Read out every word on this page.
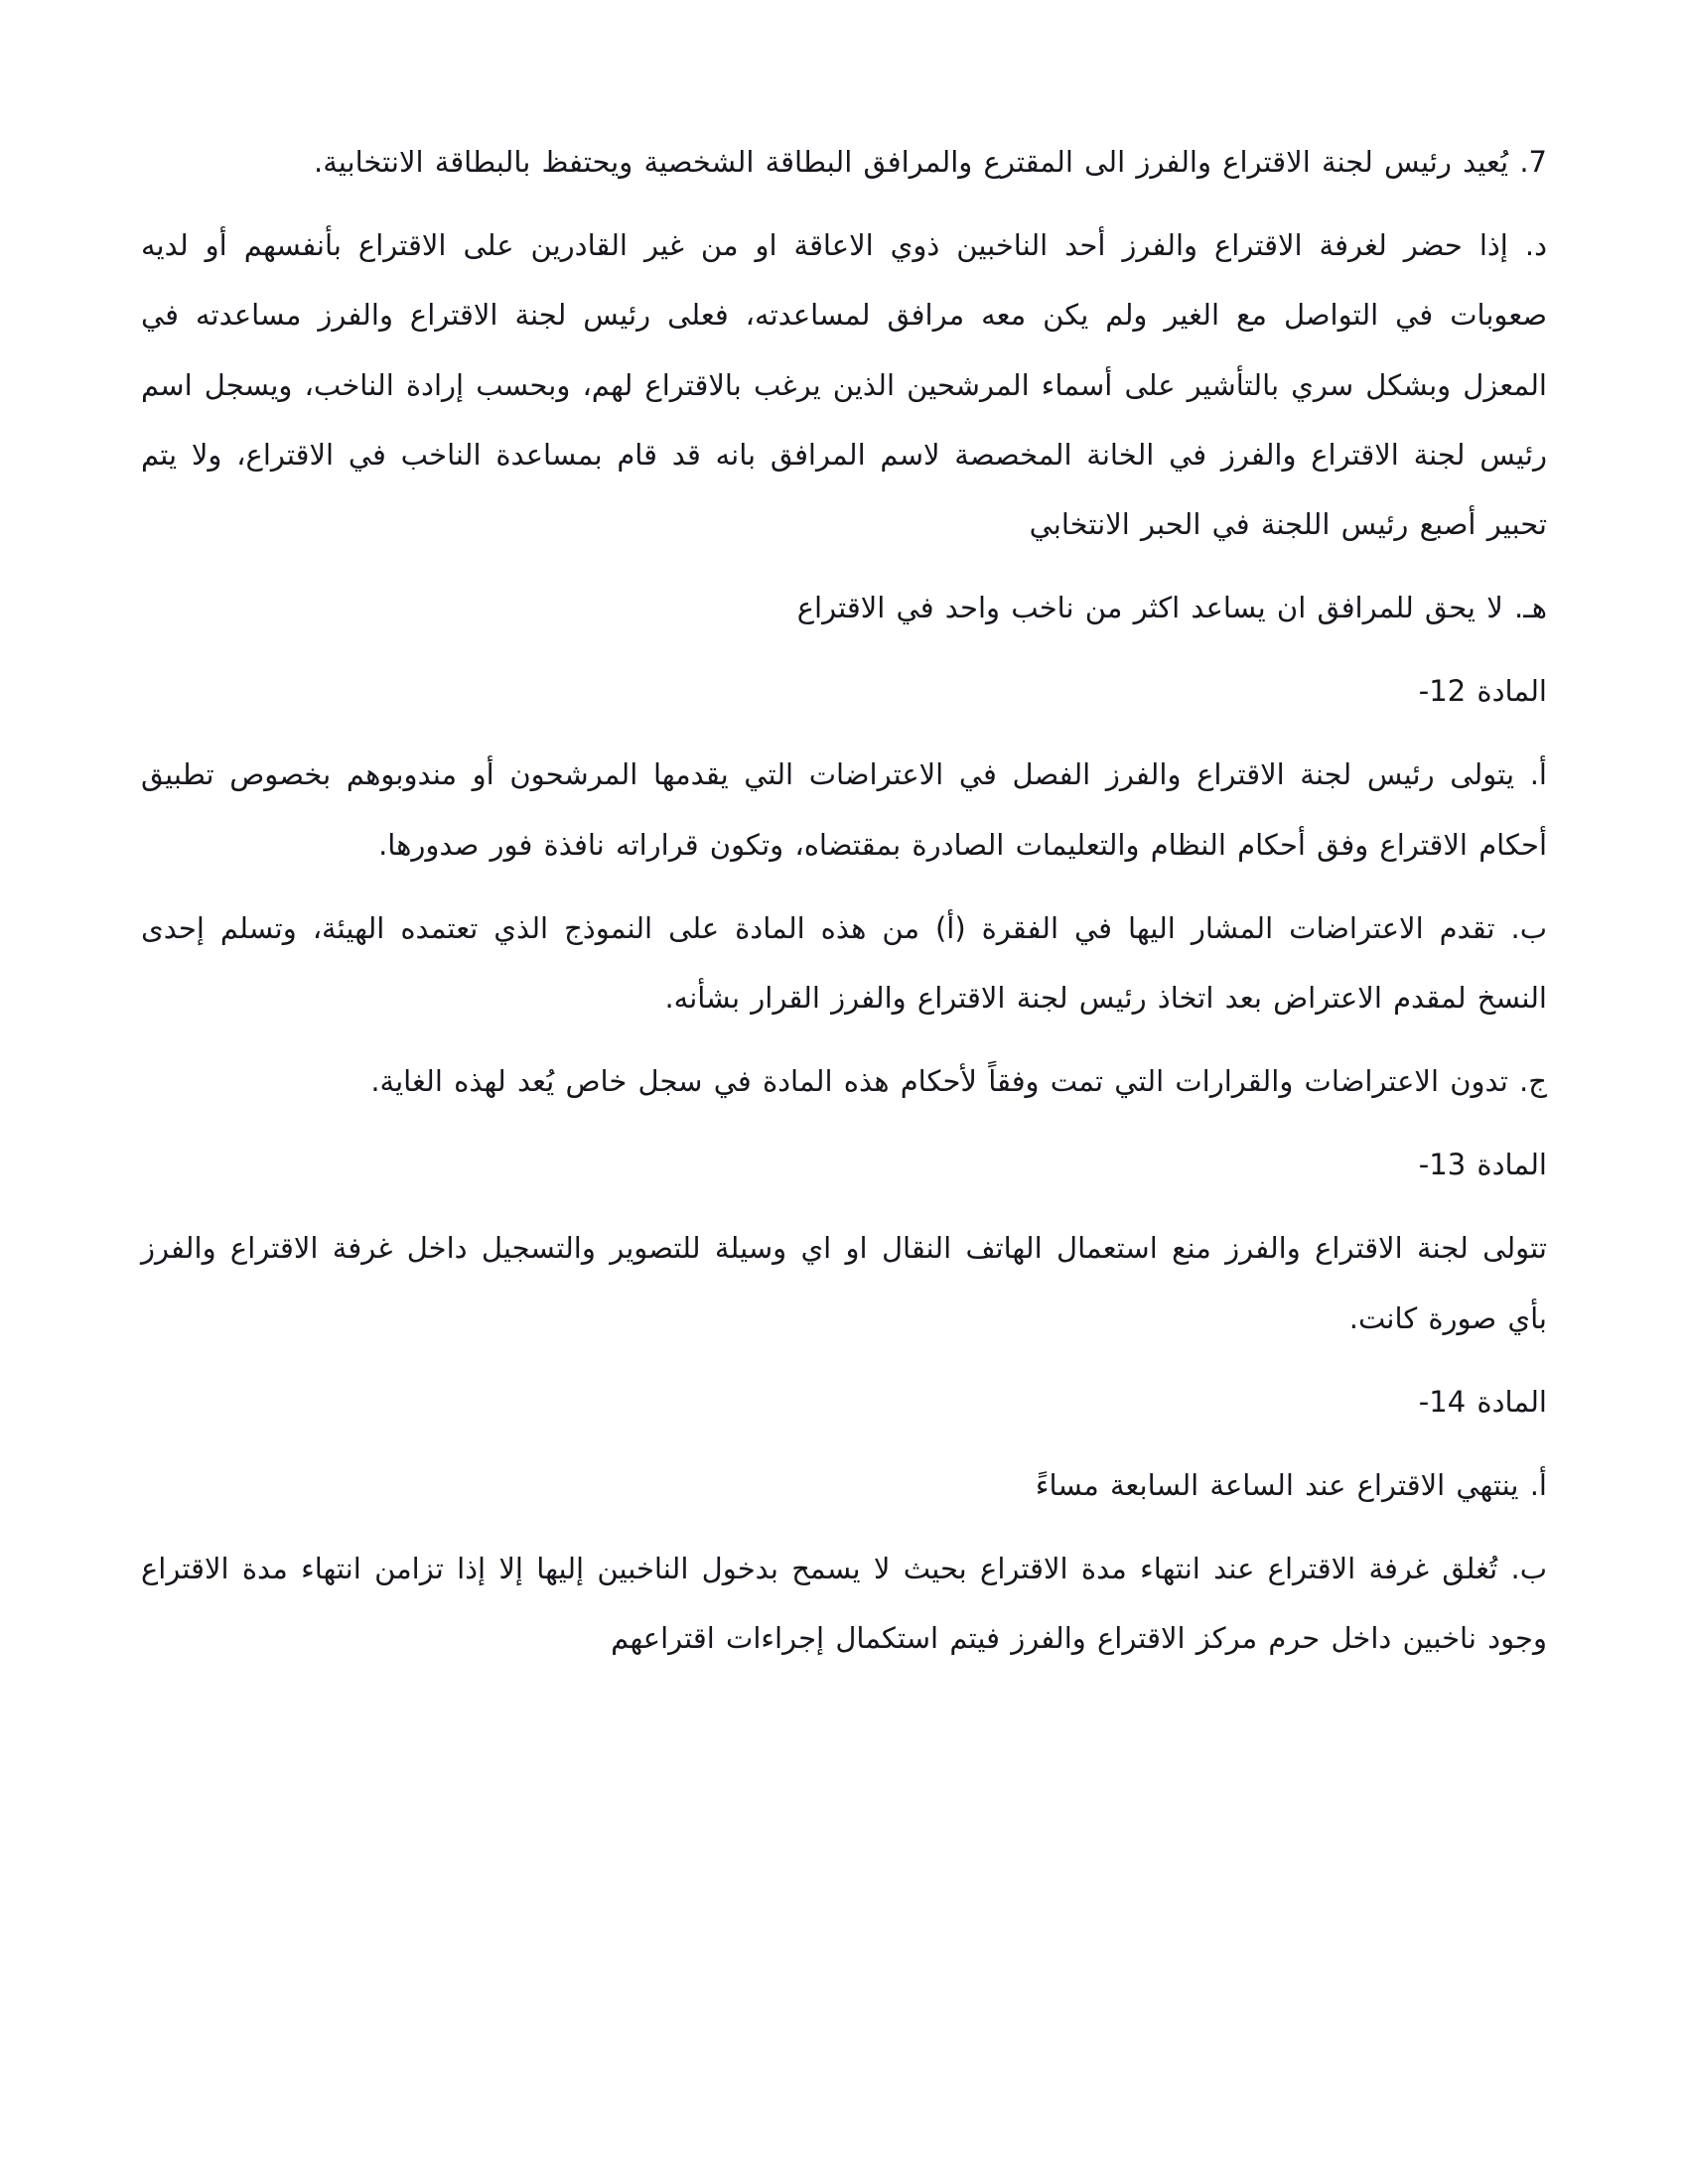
7. يُعيد رئيس لجنة الاقتراع والفرز الى المقترع والمرافق البطاقة الشخصية ويحتفظ بالبطاقة الانتخابية.

د. إذا حضر لغرفة الاقتراع والفرز أحد الناخبين ذوي الاعاقة او من غير القادرين على الاقتراع بأنفسهم أو لديه صعوبات في التواصل مع الغير ولم يكن معه مرافق لمساعدته، فعلى رئيس لجنة الاقتراع والفرز مساعدته في المعزل وبشكل سري بالتأشير على أسماء المرشحين الذين يرغب بالاقتراع لهم، وبحسب إرادة الناخب، ويسجل اسم رئيس لجنة الاقتراع والفرز في الخانة المخصصة لاسم المرافق بانه قد قام بمساعدة الناخب في الاقتراع، ولا يتم تحبير أصبع رئيس اللجنة في الحبر الانتخابي

هـ. لا يحق للمرافق ان يساعد اكثر من ناخب واحد في الاقتراع

المادة 12-

أ. يتولى رئيس لجنة الاقتراع والفرز الفصل في الاعتراضات التي يقدمها المرشحون أو مندوبوهم بخصوص تطبيق أحكام الاقتراع وفق أحكام النظام والتعليمات الصادرة بمقتضاه، وتكون قراراته نافذة فور صدورها.

ب. تقدم الاعتراضات المشار اليها في الفقرة (أ) من هذه المادة على النموذج الذي تعتمده الهيئة، وتسلم إحدى النسخ لمقدم الاعتراض بعد اتخاذ رئيس لجنة الاقتراع والفرز القرار بشأنه.

ج. تدون الاعتراضات والقرارات التي تمت وفقاً لأحكام هذه المادة في سجل خاص يُعد لهذه الغاية.

المادة 13-

تتولى لجنة الاقتراع والفرز منع استعمال الهاتف النقال او اي وسيلة للتصوير والتسجيل داخل غرفة الاقتراع والفرز بأي صورة كانت.

المادة 14-

أ. ينتهي الاقتراع عند الساعة السابعة مساءً

ب. تُغلق غرفة الاقتراع عند انتهاء مدة الاقتراع بحيث لا يسمح بدخول الناخبين إليها إلا إذا تزامن انتهاء مدة الاقتراع وجود ناخبين داخل حرم مركز الاقتراع والفرز فيتم استكمال إجراءات اقتراعهم
